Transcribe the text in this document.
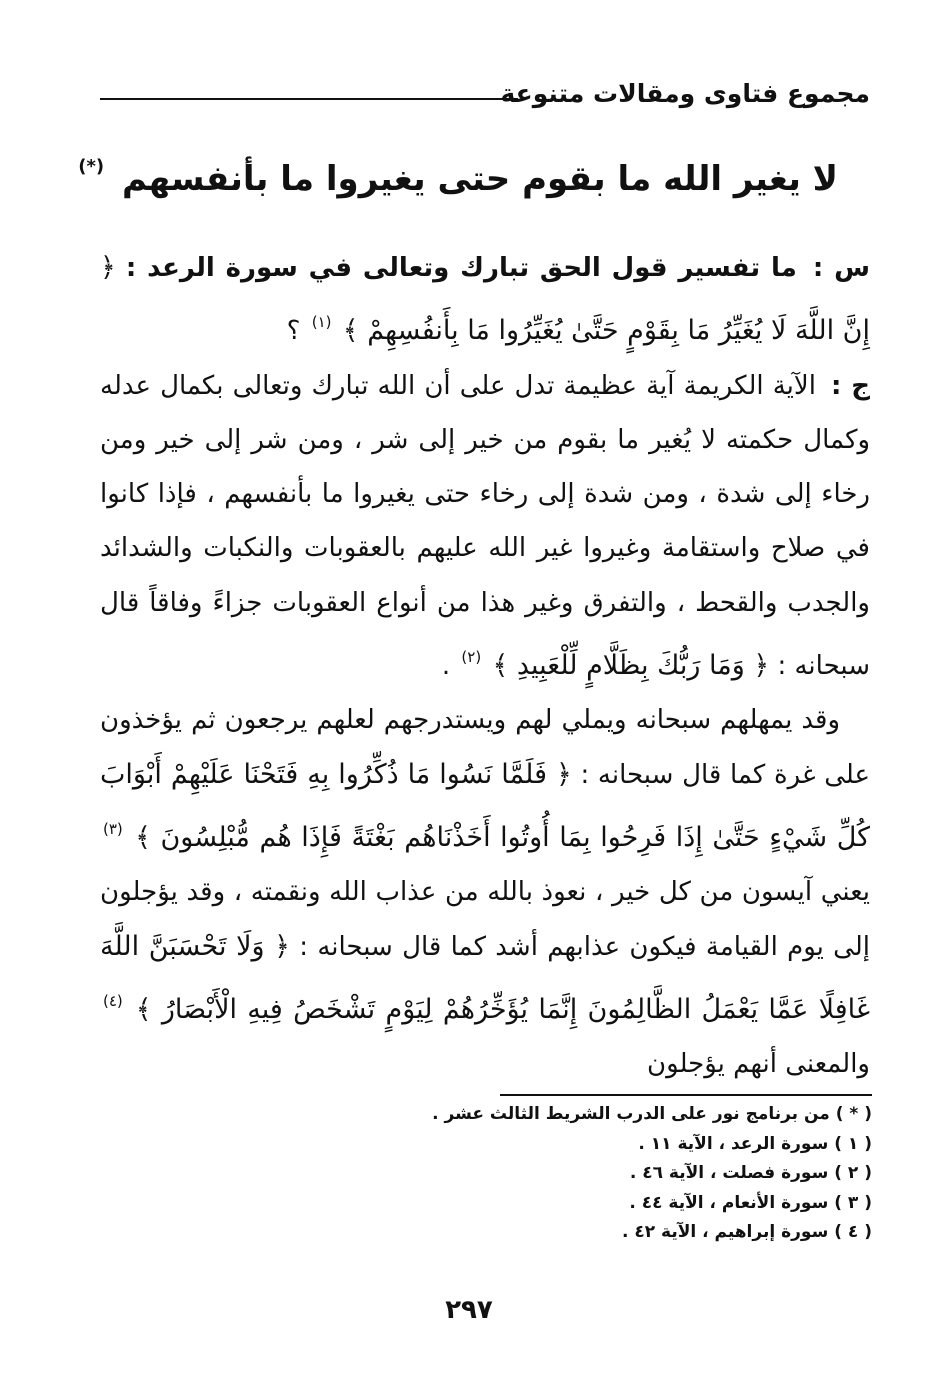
مجموع فتاوى ومقالات متنوعة
لا يغير الله ما بقوم حتى يغيروا ما بأنفسهم (*)

س : ما تفسير قول الحق تبارك وتعالى في سورة الرعد : ﴿ إِنَّ اللَّهَ لَا يُغَيِّرُ مَا بِقَوْمٍ حَتَّىٰ يُغَيِّرُوا مَا بِأَنفُسِهِمْ ﴾ $^{(١)}$ ؟

ج : الآية الكريمة آية عظيمة تدل على أن الله تبارك وتعالى بكمال عدله وكمال حكمته لا يُغير ما بقوم من خير إلى شر ، ومن شر إلى خير ومن رخاء إلى شدة ، ومن شدة إلى رخاء حتى يغيروا ما بأنفسهم ، فإذا كانوا في صلاح واستقامة وغيروا غير الله عليهم بالعقوبات والنكبات والشدائد والجدب والقحط ، والتفرق وغير هذا من أنواع العقوبات جزاءً وفاقاً قال سبحانه : ﴿ وَمَا رَبُّكَ بِظَلَّامٍ لِّلْعَبِيدِ ﴾ $^{(٢)}$ .

وقد يمهلهم سبحانه ويملي لهم ويستدرجهم لعلهم يرجعون ثم يؤخذون على غرة كما قال سبحانه : ﴿ فَلَمَّا نَسُوا مَا ذُكِّرُوا بِهِ فَتَحْنَا عَلَيْهِمْ أَبْوَابَ كُلِّ شَيْءٍ حَتَّىٰ إِذَا فَرِحُوا بِمَا أُوتُوا أَخَذْنَاهُم بَغْتَةً فَإِذَا هُم مُّبْلِسُونَ ﴾ $^{(٣)}$ يعني آيسون من كل خير ، نعوذ بالله من عذاب الله ونقمته ، وقد يؤجلون إلى يوم القيامة فيكون عذابهم أشد كما قال سبحانه : ﴿ وَلَا تَحْسَبَنَّ اللَّهَ غَافِلًا عَمَّا يَعْمَلُ الظَّالِمُونَ إِنَّمَا يُؤَخِّرُهُمْ لِيَوْمٍ تَشْخَصُ فِيهِ الْأَبْصَارُ ﴾ $^{(٤)}$ والمعنى أنهم يؤجلون

( * ) من برنامج نور على الدرب الشريط الثالث عشر .
( ١ ) سورة الرعد ، الآية ١١ .
( ٢ ) سورة فصلت ، الآية ٤٦ .
( ٣ ) سورة الأنعام ، الآية ٤٤ .
( ٤ ) سورة إبراهيم ، الآية ٤٢ .
٢٩٧
